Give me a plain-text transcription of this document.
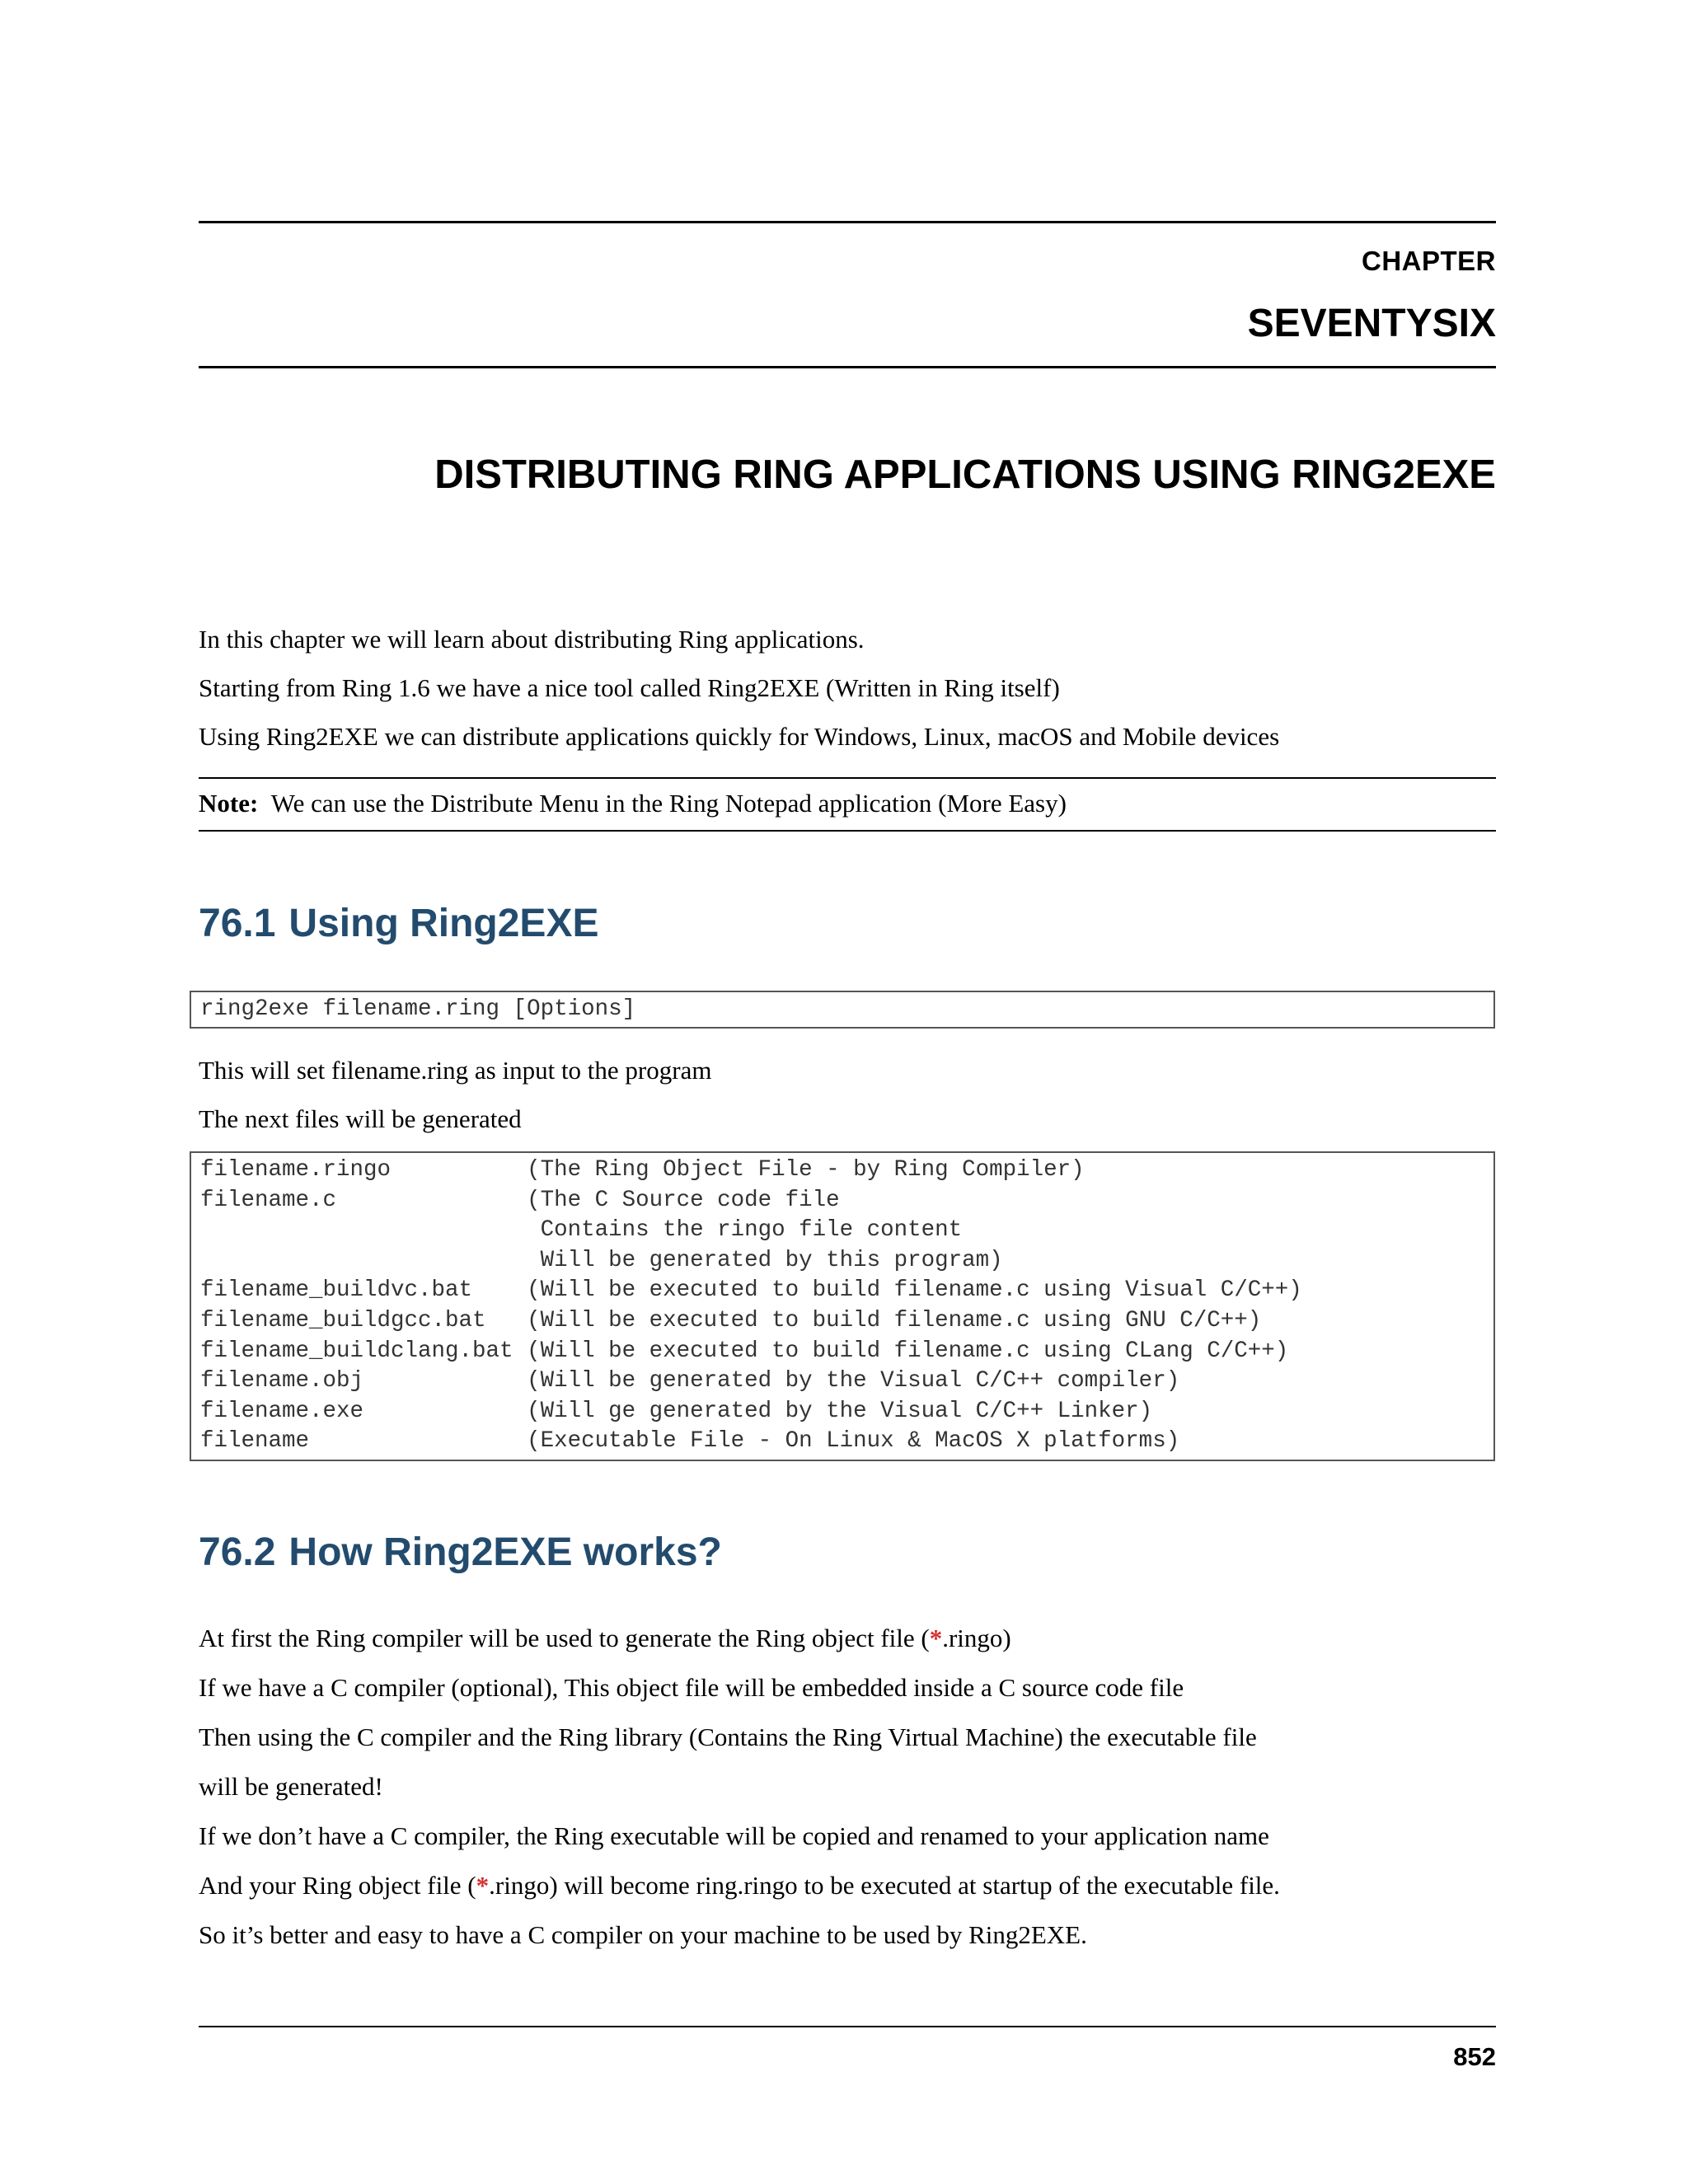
CHAPTER
SEVENTYSIX
DISTRIBUTING RING APPLICATIONS USING RING2EXE
In this chapter we will learn about distributing Ring applications.
Starting from Ring 1.6 we have a nice tool called Ring2EXE (Written in Ring itself)
Using Ring2EXE we can distribute applications quickly for Windows, Linux, macOS and Mobile devices
Note: We can use the Distribute Menu in the Ring Notepad application (More Easy)
76.1 Using Ring2EXE
ring2exe filename.ring [Options]
This will set filename.ring as input to the program
The next files will be generated
filename.ringo          (The Ring Object File - by Ring Compiler)
filename.c              (The C Source code file
Contains the ringo file content
Will be generated by this program)
filename_buildvc.bat    (Will be executed to build filename.c using Visual C/C++)
filename_buildgcc.bat   (Will be executed to build filename.c using GNU C/C++)
filename_buildclang.bat (Will be executed to build filename.c using CLang C/C++)
filename.obj            (Will be generated by the Visual C/C++ compiler)
filename.exe            (Will ge generated by the Visual C/C++ Linker)
filename                (Executable File - On Linux & MacOS X platforms)
76.2 How Ring2EXE works?
At first the Ring compiler will be used to generate the Ring object file (*.ringo)
If we have a C compiler (optional), This object file will be embedded inside a C source code file
Then using the C compiler and the Ring library (Contains the Ring Virtual Machine) the executable file
will be generated!
If we don’t have a C compiler, the Ring executable will be copied and renamed to your application name
And your Ring object file (*.ringo) will become ring.ringo to be executed at startup of the executable file.
So it’s better and easy to have a C compiler on your machine to be used by Ring2EXE.
852
